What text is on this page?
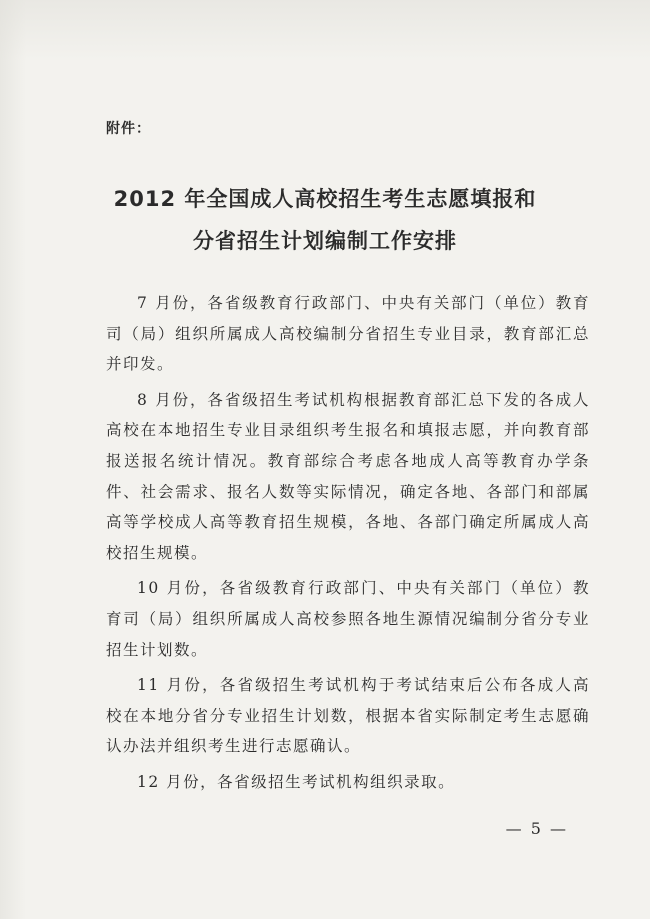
附件：
2012 年全国成人高校招生考生志愿填报和
分省招生计划编制工作安排

7 月份，各省级教育行政部门、中央有关部门（单位）教育司（局）组织所属成人高校编制分省招生专业目录，教育部汇总并印发。

8 月份，各省级招生考试机构根据教育部汇总下发的各成人高校在本地招生专业目录组织考生报名和填报志愿，并向教育部报送报名统计情况。教育部综合考虑各地成人高等教育办学条件、社会需求、报名人数等实际情况，确定各地、各部门和部属高等学校成人高等教育招生规模，各地、各部门确定所属成人高校招生规模。

10 月份，各省级教育行政部门、中央有关部门（单位）教育司（局）组织所属成人高校参照各地生源情况编制分省分专业招生计划数。

11 月份，各省级招生考试机构于考试结束后公布各成人高校在本地分省分专业招生计划数，根据本省实际制定考生志愿确认办法并组织考生进行志愿确认。

12 月份，各省级招生考试机构组织录取。

— 5 —
